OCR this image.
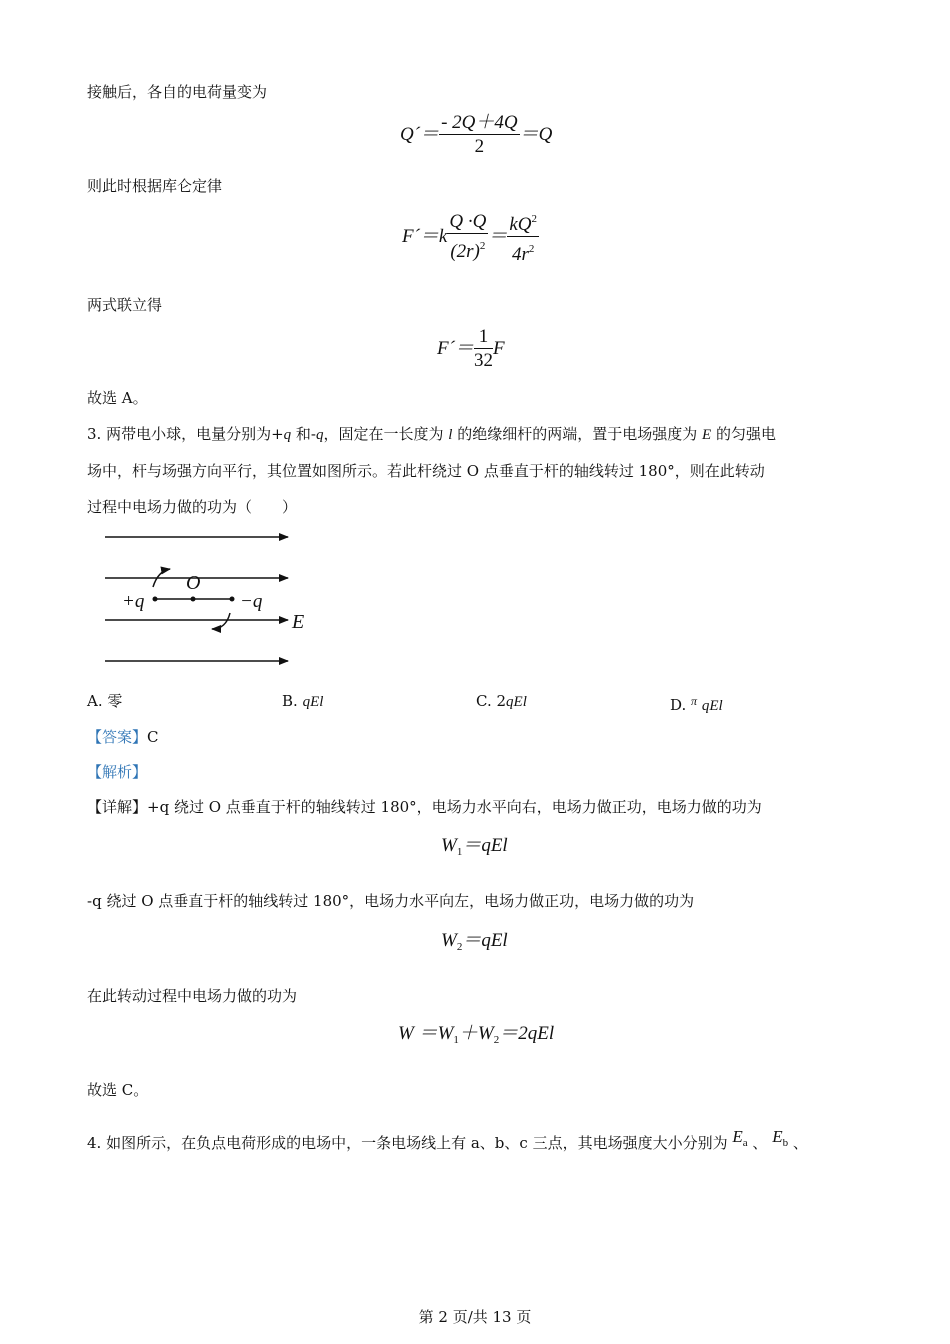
接触后，各自的电荷量变为
Q´＝ $\frac{- 2Q+4Q}{2} =Q$
则此时根据库仑定律
F´＝k $\frac{Q \cdot Q}{(2r)^2} = \frac{kQ^2}{4r^2}$
两式联立得
F´＝ $\frac{1}{32}$ F
故选 A。
3. 两带电小球，电量分别为+q 和-q，固定在一长度为 l 的绝缘细杆的两端，置于电场强度为 E 的匀强电
场中，杆与场强方向平行，其位置如图所示。若此杆绕过 O 点垂直于杆的轴线转过 180°，则在此转动
过程中电场力做的功为（　　）
O
+q	−q
E
A. 零	B. qEl	C. 2qEl	D. $^\pi$ qEl
【答案】C
【解析】
【详解】+q 绕过 O 点垂直于杆的轴线转过 180°，电场力水平向右，电场力做正功，电场力做的功为
$W_1=qEl$
-q 绕过 O 点垂直于杆的轴线转过 180°，电场力水平向左，电场力做正功，电场力做的功为
$W_2=qEl$
在此转动过程中电场力做的功为
$W =W_1+W_2=2qEl$
故选 C。
4. 如图所示，在负点电荷形成的电场中，一条电场线上有 a、b、c 三点，其电场强度大小分别为 Ea 、 Eb 、
第 2 页/共 13 页
